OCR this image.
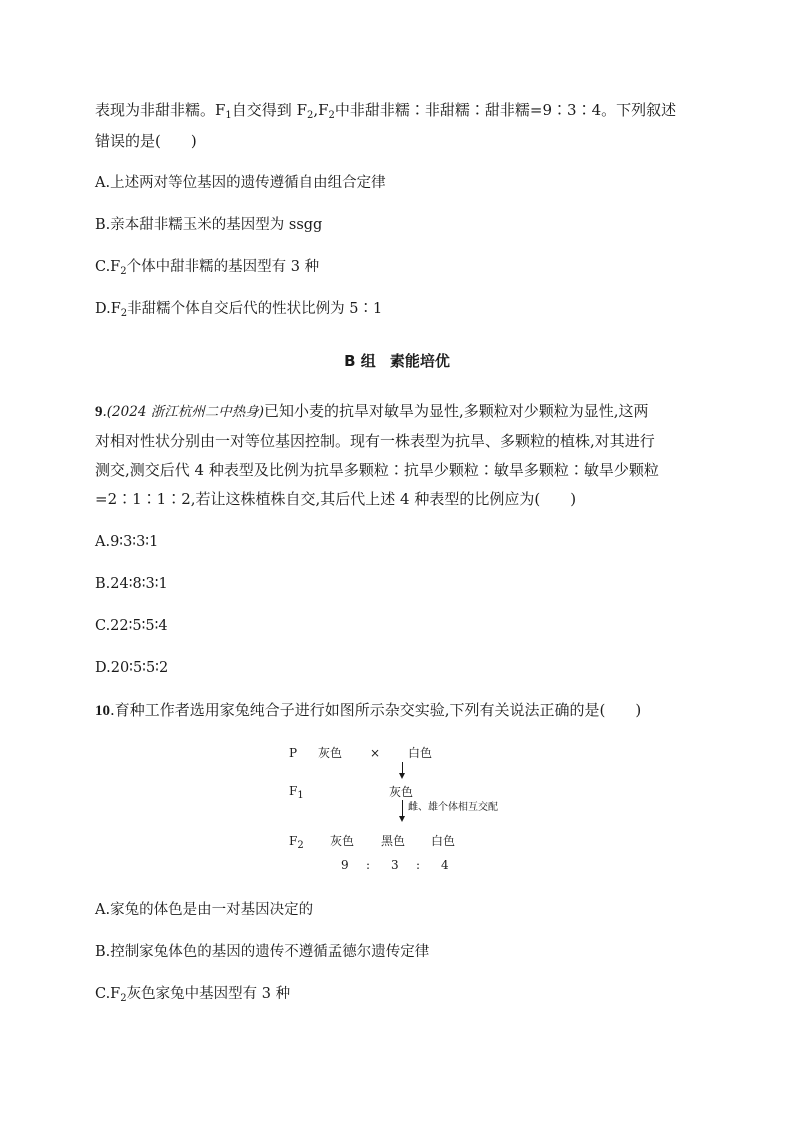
表现为非甜非糯。$F_1$自交得到 $F_2,F_2$中非甜非糯∶非甜糯∶甜非糯=9∶3∶4。下列叙述
错误的是(　　)
A.上述两对等位基因的遗传遵循自由组合定律
B.亲本甜非糯玉米的基因型为 ssgg
$C.F_2$个体中甜非糯的基因型有 3 种
$D.F_2$非甜糯个体自交后代的性状比例为 5∶1
B 组 素能培优
9.(2024 浙江杭州二中热身)已知小麦的抗旱对敏旱为显性,多颗粒对少颗粒为显性,这两
对相对性状分别由一对等位基因控制。现有一株表型为抗旱、多颗粒的植株,对其进行
测交,测交后代 4 种表型及比例为抗旱多颗粒∶抗旱少颗粒∶敏旱多颗粒∶敏旱少颗粒
=2∶1∶1∶2,若让这株植株自交,其后代上述 4 种表型的比例应为(　　)
A.9∶3∶3∶1
B.24∶8∶3∶1
C.22∶5∶5∶4
D.20∶5∶5∶2
10.育种工作者选用家兔纯合子进行如图所示杂交实验,下列有关说法正确的是(　　)
P 灰色 × 白色
$F_1$	灰色
雌、雄个体相互交配
$F_2$ 灰色 黑色 白色
9 : 3 : 4
A.家兔的体色是由一对基因决定的
B.控制家兔体色的基因的遗传不遵循孟德尔遗传定律
$C.F_2$灰色家兔中基因型有 3 种
